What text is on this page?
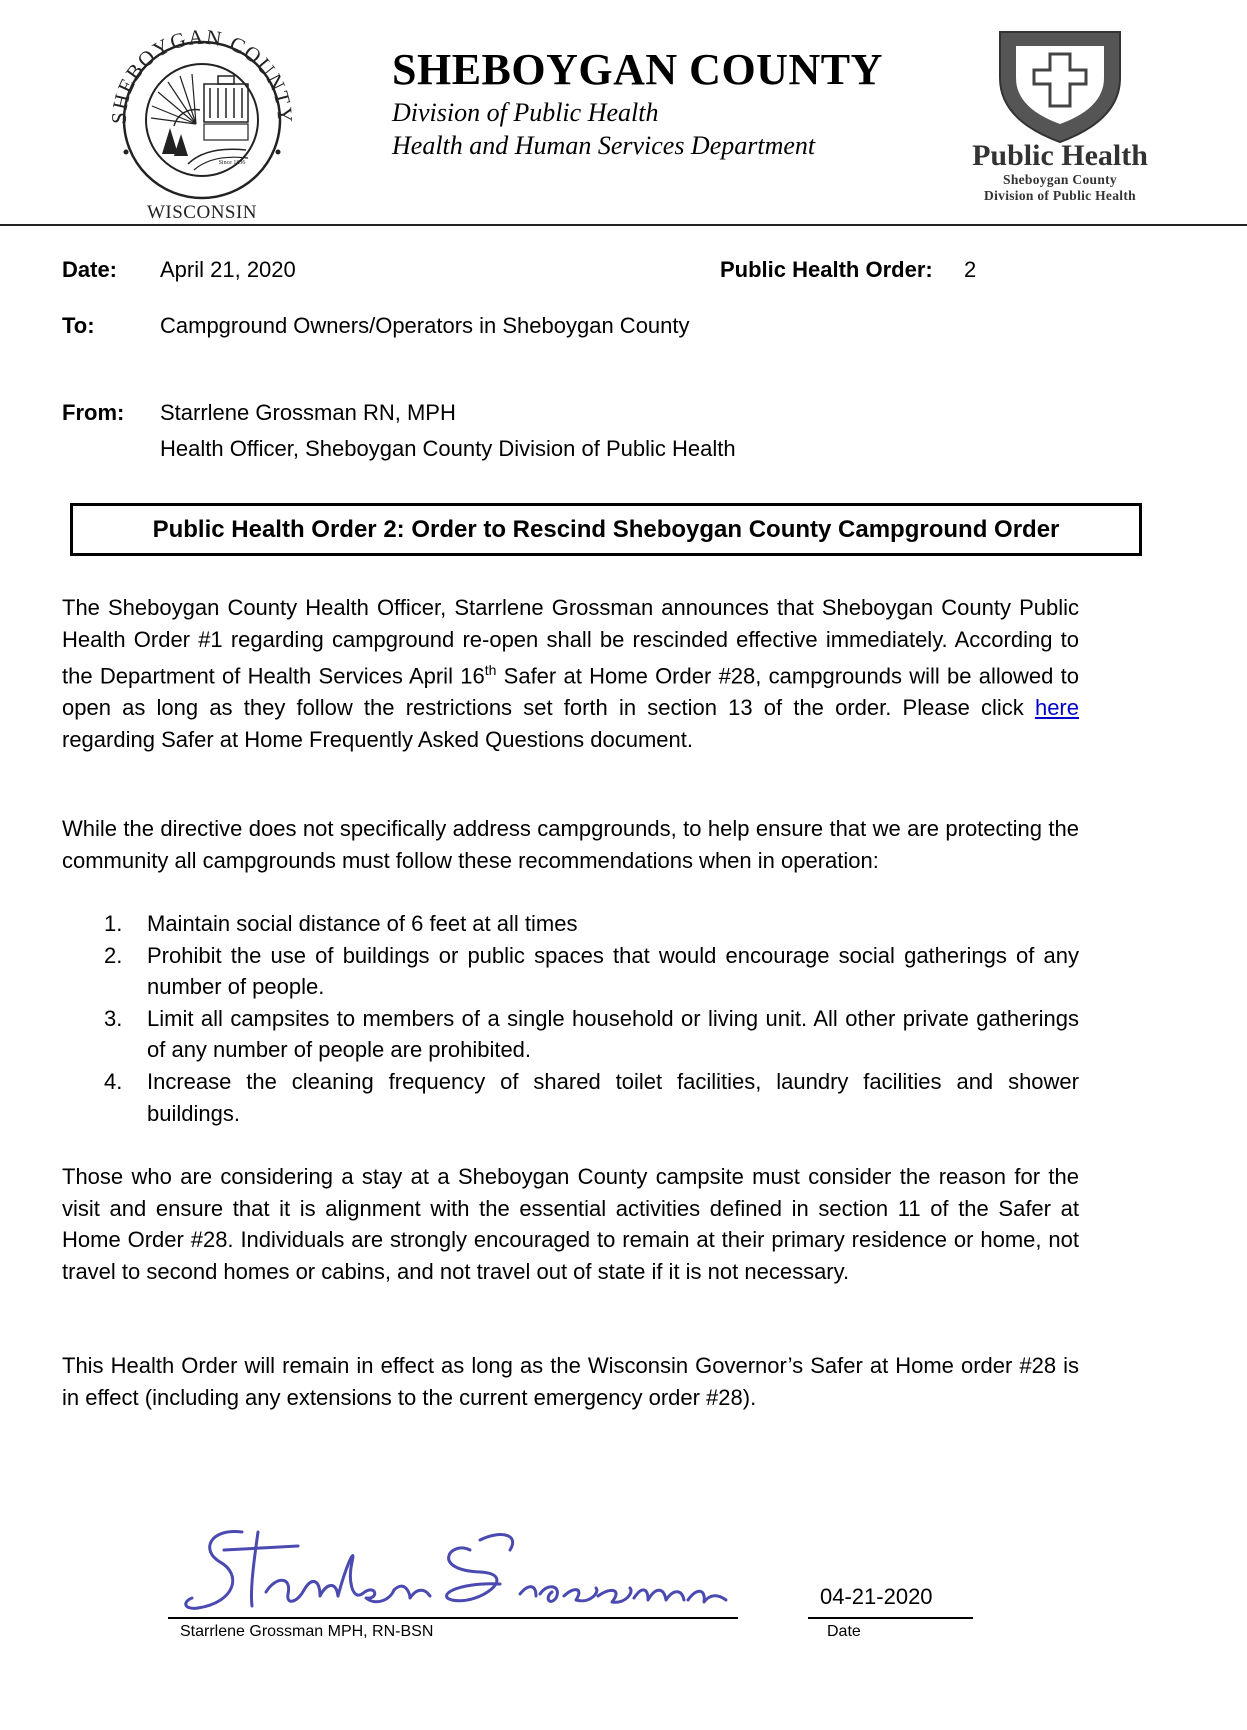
SHEBOYGAN COUNTY
Since 1836
WISCONSIN

SHEBOYGAN COUNTY

Division of Public Health

Health and Human Services Department	Public Health
Sheboygan County
Division of Public Health
Date: April 21, 2020	Public Health Order: 2
To:	Campground Owners/Operators in Sheboygan County
From: Starrlene Grossman RN, MPH
Health Officer, Sheboygan County Division of Public Health
Public Health Order 2: Order to Rescind Sheboygan County Campground Order
The Sheboygan County Health Officer, Starrlene Grossman announces that Sheboygan County Public Health Order #1 regarding campground re-open shall be rescinded effective immediately. According to the Department of Health Services April 16th Safer at Home Order #28, campgrounds will be allowed to open as long as they follow the restrictions set forth in section 13 of the order. Please click here regarding Safer at Home Frequently Asked Questions document.
While the directive does not specifically address campgrounds, to help ensure that we are protecting the community all campgrounds must follow these recommendations when in operation:
1. Maintain social distance of 6 feet at all times
2. Prohibit the use of buildings or public spaces that would encourage social gatherings of any number of people.
3. Limit all campsites to members of a single household or living unit. All other private gatherings of any number of people are prohibited.
4. Increase the cleaning frequency of shared toilet facilities, laundry facilities and shower buildings.
Those who are considering a stay at a Sheboygan County campsite must consider the reason for the visit and ensure that it is alignment with the essential activities defined in section 11 of the Safer at Home Order #28. Individuals are strongly encouraged to remain at their primary residence or home, not travel to second homes or cabins, and not travel out of state if it is not necessary.
This Health Order will remain in effect as long as the Wisconsin Governor’s Safer at Home order #28 is in effect (including any extensions to the current emergency order #28).
Starrlene Grossman MPH, RN-BSN
04-21-2020
Date
